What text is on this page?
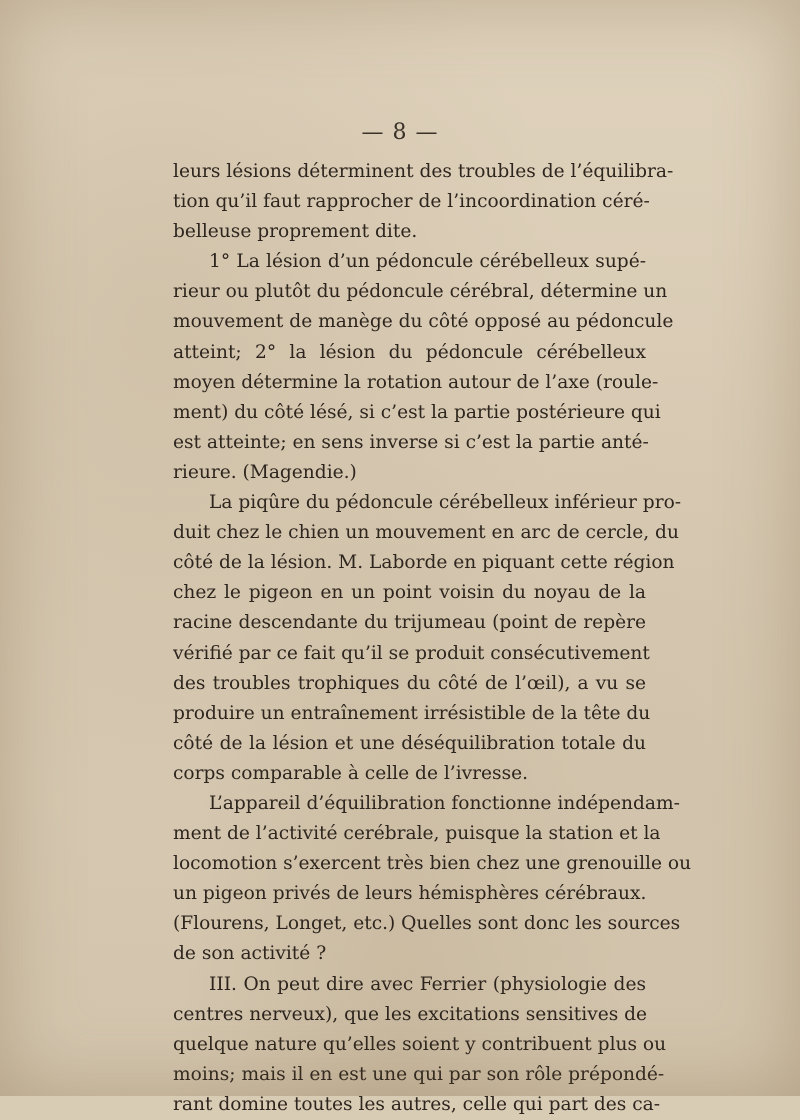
— 8 —
leurs lésions déterminent des troubles de l’équilibra-
tion qu’il faut rapprocher de l’incoordination céré-
belleuse proprement dite.
1° La lésion d’un pédoncule cérébelleux supé-
rieur ou plutôt du pédoncule cérébral, détermine un
mouvement de manège du côté opposé au pédoncule
atteint; 2° la lésion du pédoncule cérébelleux
moyen détermine la rotation autour de l’axe (roule-
ment) du côté lésé, si c’est la partie postérieure qui
est atteinte; en sens inverse si c’est la partie anté-
rieure. (Magendie.)
La piqûre du pédoncule cérébelleux inférieur pro-
duit chez le chien un mouvement en arc de cercle, du
côté de la lésion. M. Laborde en piquant cette région
chez le pigeon en un point voisin du noyau de la
racine descendante du trijumeau (point de repère
vérifié par ce fait qu’il se produit consécutivement
des troubles trophiques du côté de l’œil), a vu se
produire un entraînement irrésistible de la tête du
côté de la lésion et une déséquilibration totale du
corps comparable à celle de l’ivresse.
L’appareil d’équilibration fonctionne indépendam-
ment de l’activité cerébrale, puisque la station et la
locomotion s’exercent très bien chez une grenouille ou
un pigeon privés de leurs hémisphères cérébraux.
(Flourens, Longet, etc.) Quelles sont donc les sources
de son activité ?
III. On peut dire avec Ferrier (physiologie des
centres nerveux), que les excitations sensitives de
quelque nature qu’elles soient y contribuent plus ou
moins; mais il en est une qui par son rôle prépondé-
rant domine toutes les autres, celle qui part des ca-
